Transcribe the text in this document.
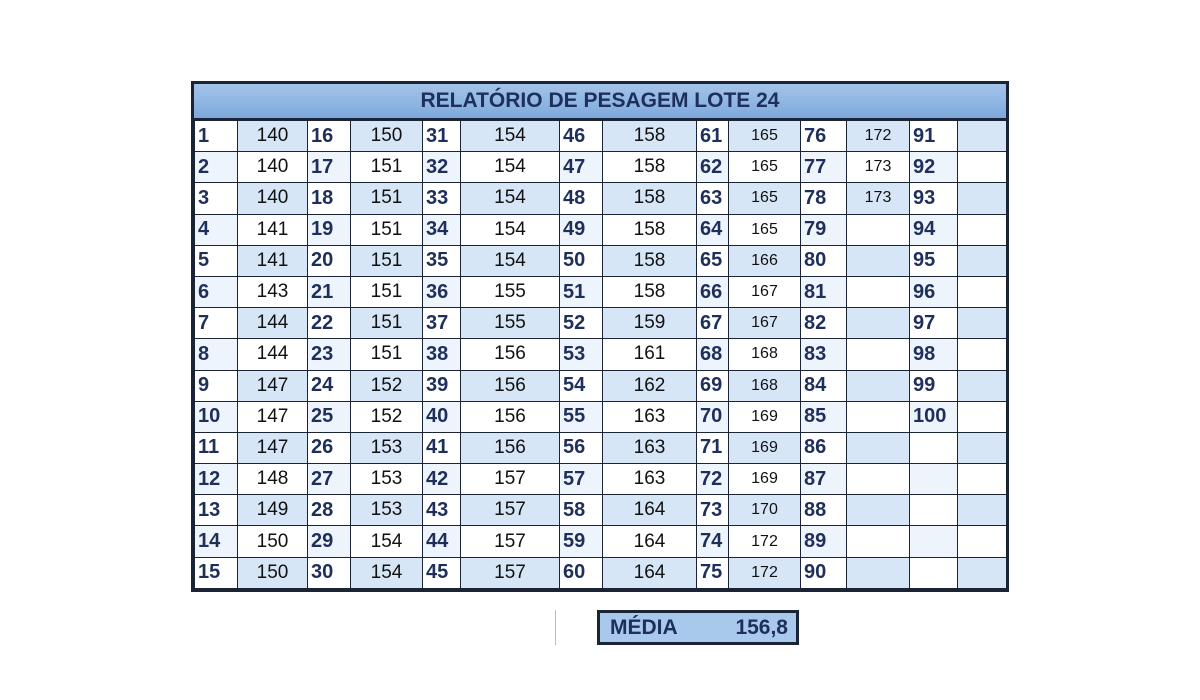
RELATÓRIO DE PESAGEM LOTE 24
1	140	16	150	31	154	46	158	61	165	76	172	91	
2	140	17	151	32	154	47	158	62	165	77	173	92	
3	140	18	151	33	154	48	158	63	165	78	173	93	
4	141	19	151	34	154	49	158	64	165	79		94	
5	141	20	151	35	154	50	158	65	166	80		95	
6	143	21	151	36	155	51	158	66	167	81		96	
7	144	22	151	37	155	52	159	67	167	82		97	
8	144	23	151	38	156	53	161	68	168	83		98	
9	147	24	152	39	156	54	162	69	168	84		99	
10	147	25	152	40	156	55	163	70	169	85		100	
11	147	26	153	41	156	56	163	71	169	86			
12	148	27	153	42	157	57	163	72	169	87			
13	149	28	153	43	157	58	164	73	170	88			
14	150	29	154	44	157	59	164	74	172	89			
15	150	30	154	45	157	60	164	75	172	90			
MÉDIA	156,8
